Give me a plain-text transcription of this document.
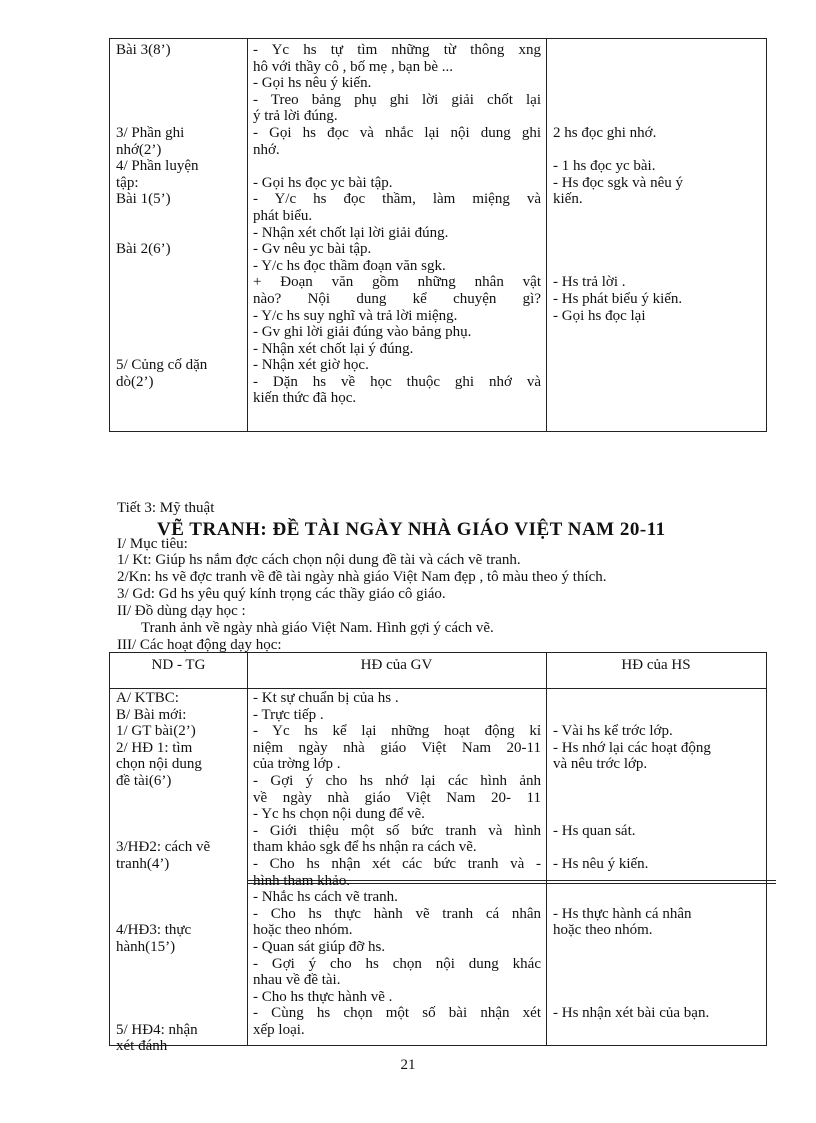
Bài 3(8’)
3/ Phần ghi
nhớ(2’)
4/ Phần luyện
tập:
Bài 1(5’)
Bài 2(6’)
5/ Củng cố dặn
dò(2’)
- Yc hs tự tìm những từ thông xng
hô với thầy cô , bố mẹ , bạn bè ...
- Gọi hs nêu ý kiến.
- Treo bảng phụ ghi lời giải chốt lại
ý trả lời đúng.
- Gọi hs đọc và nhắc lại nội dung ghi
nhớ.
- Gọi hs đọc yc bài tập.
- Y/c hs đọc thầm, làm miệng và
phát biểu.
- Nhận xét chốt lại lời giải đúng.
- Gv nêu yc bài tập.
- Y/c hs đọc thầm đoạn văn sgk.
+ Đoạn văn gồm những nhân vật
nào? Nội dung kể chuyện gì?
- Y/c hs suy nghĩ và trả lời miệng.
- Gv ghi lời giải đúng vào bảng phụ.
- Nhận xét chốt lại ý đúng.
- Nhận xét giờ học.
- Dặn hs về học thuộc ghi nhớ và
kiến thức đã học.
2 hs đọc ghi nhớ.
- 1 hs đọc yc bài.
- Hs đọc sgk và nêu ý
kiến.
- Hs trả lời .
- Hs phát biểu ý kiến.
- Gọi hs đọc lại
Tiết 3: Mỹ thuật
VẼ TRANH: ĐỀ TÀI NGÀY NHÀ GIÁO VIỆT NAM 20-11
I/ Mục tiêu:
1/ Kt: Giúp hs nắm đợc cách chọn nội dung đề tài và cách vẽ tranh.
2/Kn: hs vẽ đợc tranh về đề tài ngày nhà giáo Việt Nam đẹp , tô màu theo ý thích.
3/ Gd: Gd hs yêu quý kính trọng các thầy giáo cô giáo.
II/ Đồ dùng dạy học :
Tranh ảnh về ngày nhà giáo Việt Nam. Hình gợi ý cách vẽ.
III/ Các hoạt động dạy học:
ND - TG	HĐ của GV	HĐ của HS
A/ KTBC:
B/ Bài mới:
1/ GT bài(2’)
2/ HĐ 1: tìm
chọn nội dung
đề tài(6’)
3/HĐ2: cách vẽ
tranh(4’)
4/HĐ3: thực
hành(15’)
5/ HĐ4: nhận
xét đánh
- Kt sự chuẩn bị của hs .
- Trực tiếp .
- Yc hs kể lại những hoạt động kỉ
niệm ngày nhà giáo Việt Nam 20-11
của trờng lớp .
- Gợi ý cho hs nhớ lại các hình ảnh
về ngày nhà giáo Việt Nam 20- 11
- Yc hs chọn nội dung để vẽ.
- Giới thiệu một số bức tranh và hình
tham khảo sgk để hs nhận ra cách vẽ.
- Cho hs nhận xét các bức tranh và -
hình tham khảo.
- Nhắc hs cách vẽ tranh.
- Cho hs thực hành vẽ tranh cá nhân
hoặc theo nhóm.
- Quan sát giúp đỡ hs.
- Gợi ý cho hs chọn nội dung khác
nhau về đề tài.
- Cho hs thực hành vẽ .
- Cùng hs chọn một số bài nhận xét
xếp loại.
- Vài hs kể trớc lớp.
- Hs nhớ lại các hoạt động
và nêu trớc lớp.
- Hs quan sát.
- Hs nêu ý kiến.
- Hs thực hành cá nhân
hoặc theo nhóm.
- Hs nhận xét bài của bạn.
21
